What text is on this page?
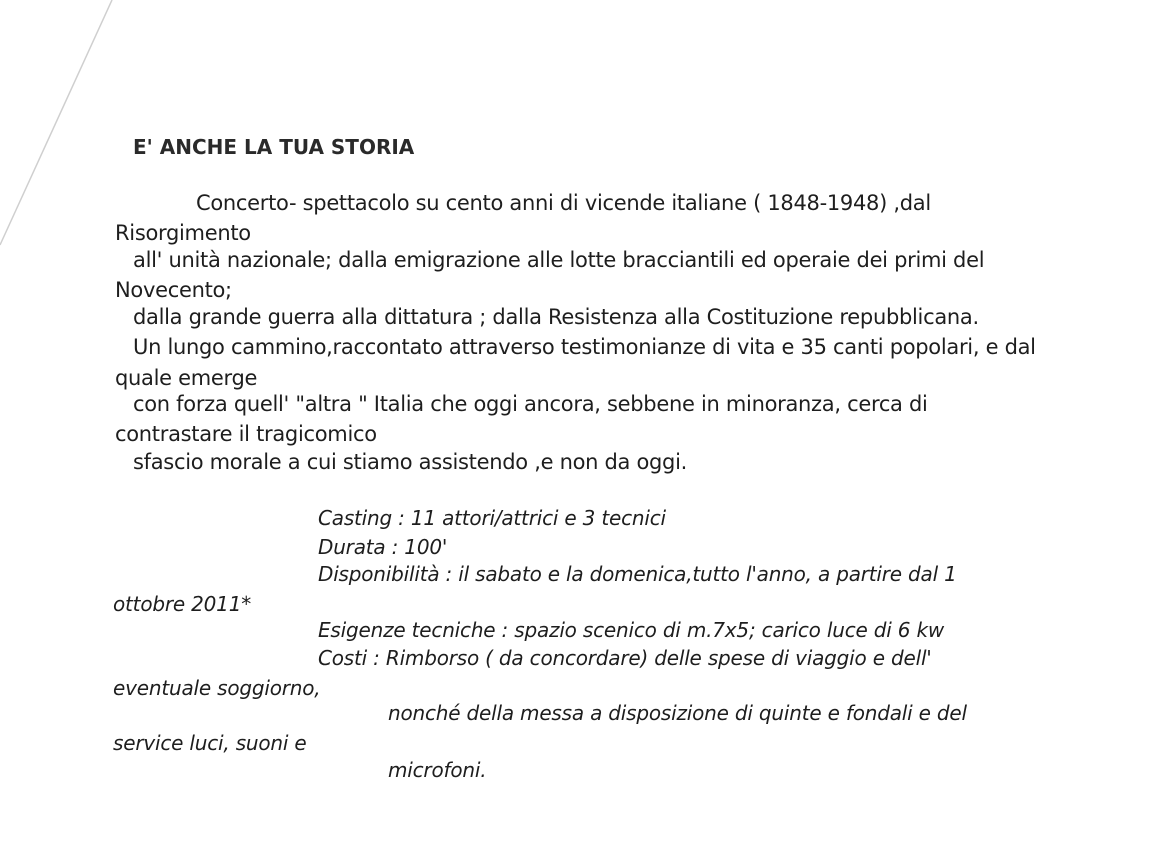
E' ANCHE LA TUA STORIA
Concerto- spettacolo su cento anni di vicende italiane ( 1848-1948) ,dal
Risorgimento
all' unità nazionale; dalla emigrazione alle lotte bracciantili ed operaie dei primi del
Novecento;
dalla grande guerra alla dittatura ; dalla Resistenza alla Costituzione repubblicana.
Un lungo cammino,raccontato attraverso testimonianze di vita e 35 canti popolari, e dal
quale emerge
con forza quell' "altra " Italia che oggi ancora, sebbene in minoranza, cerca di
contrastare il tragicomico
sfascio morale a cui stiamo assistendo ,e non da oggi.
Casting : 11 attori/attrici e 3 tecnici
Durata : 100'
Disponibilità : il sabato e la domenica,tutto l'anno, a partire dal 1
ottobre 2011*
Esigenze tecniche : spazio scenico di m.7x5; carico luce di 6 kw
Costi : Rimborso ( da concordare) delle spese di viaggio e dell'
eventuale soggiorno,
nonché della messa a disposizione di quinte e fondali e del
service luci, suoni e
microfoni.
